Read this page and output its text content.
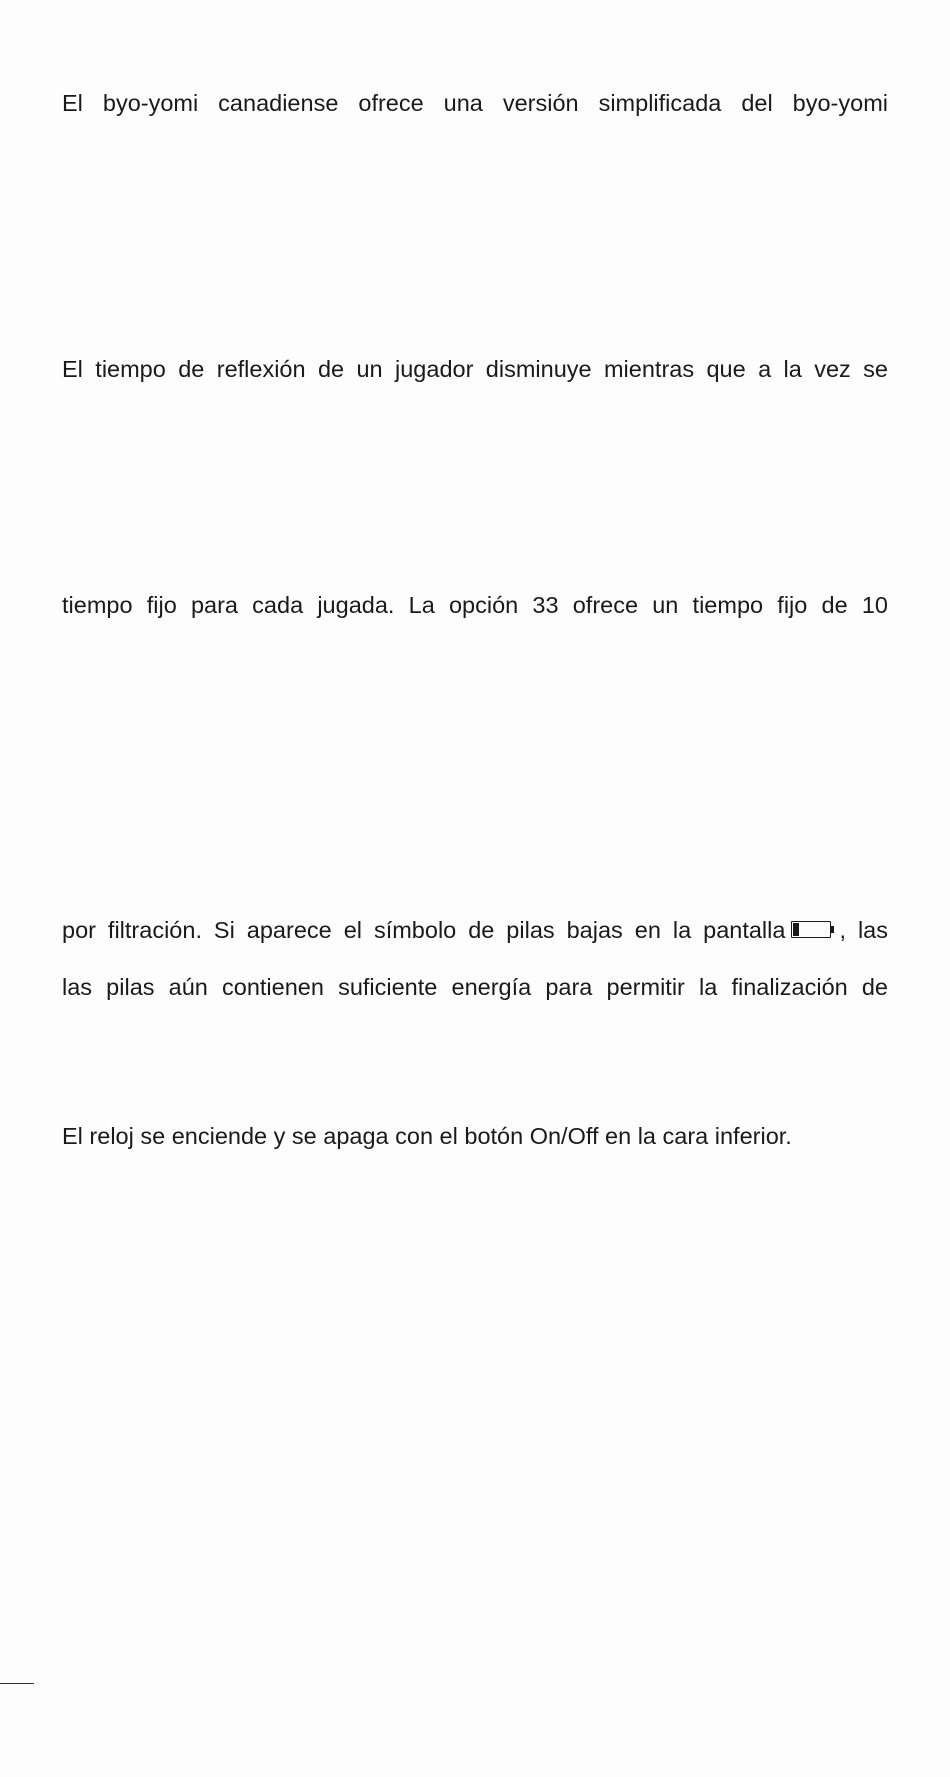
El byo-yomi canadiense ofrece una versión simplificada del byo-yomi
El tiempo de reflexión de un jugador disminuye mientras que a la vez se
tiempo fijo para cada jugada. La opción 33 ofrece un tiempo fijo de 10
por filtración. Si aparece el símbolo de pilas bajas en la pantalla , las
las pilas aún contienen suficiente energía para permitir la finalización de
El reloj se enciende y se apaga con el botón On/Off en la cara inferior.
